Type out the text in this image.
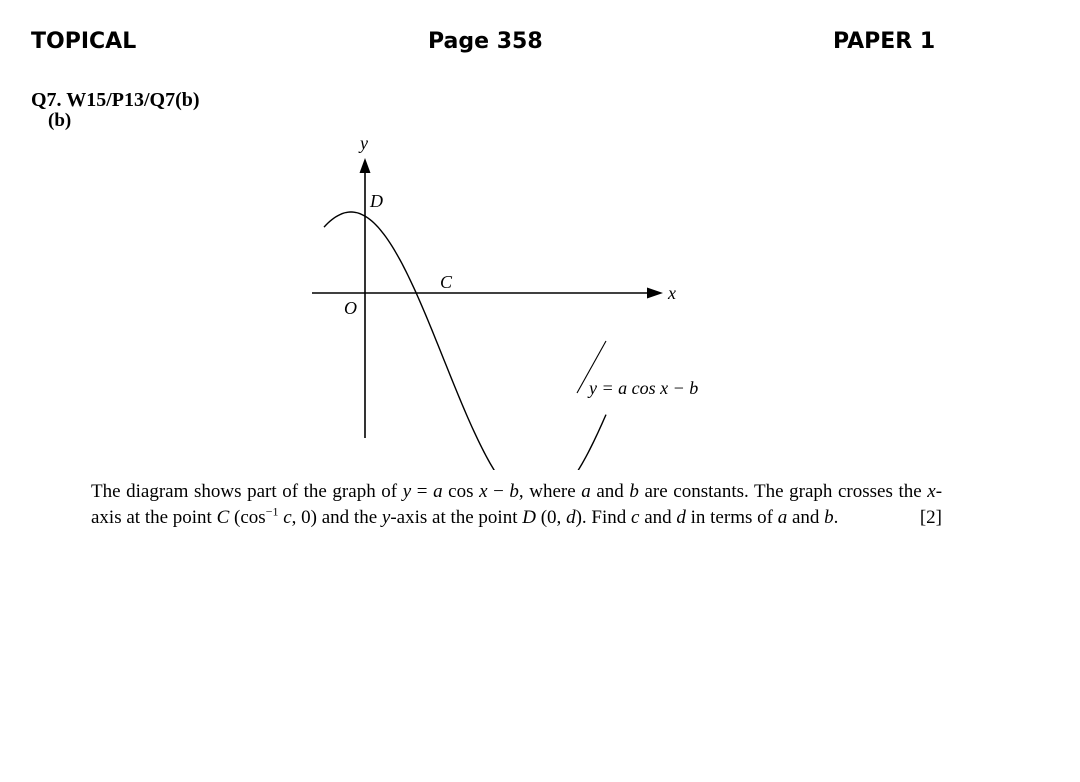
TOPICAL	Page 358	PAPER 1
Q7. W15/P13/Q7(b)
(b)
y
x
O
D
C
y = a cos x − b

The diagram shows part of the graph of y = a cos x − b, where a and b are constants. The graph crosses the x-axis at the point C ($\cos^{-1}$ c, 0) and the y-axis at the point D (0, d). Find c and d in terms of a and b.	[2]
